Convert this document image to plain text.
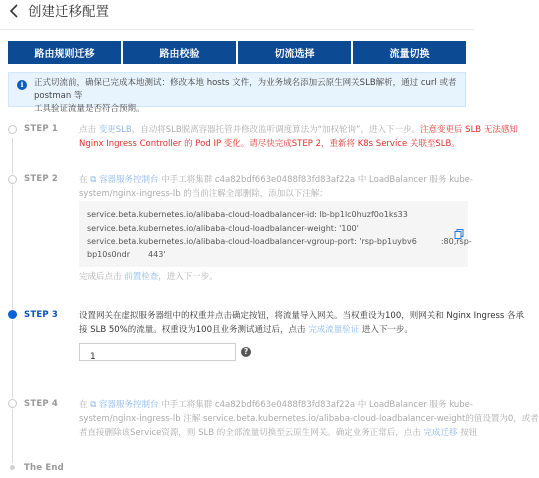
创建迁移配置
路由规则迁移	路由校验	切流选择	流量切换
i	正式切流前，确保已完成本地测试：修改本地 hosts 文件，为业务域名添加云原生网关SLB解析，通过 curl 或者 postman 等
工具验证流量是否符合预期。
STEP 1 点击 变更SLB，自动将SLB脱离容器托管并修改监听调度算法为“加权轮询”，进入下一步。注意变更后 SLB 无法感知
Nginx Ingress Controller 的 Pod IP 变化。请尽快完成STEP 2，重新将 K8s Service 关联至SLB。
STEP 2 在 ⧉ 容器服务控制台 中手工将集群 c4a82bdf663e0488f83fd83af22a 中 LoadBalancer 服务 kube-
system/nginx-ingress-lb 的当前注解全部删除，添加以下注解：
service.beta.kubernetes.io/alibaba-cloud-loadbalancer-id: lb-bp1lc0huzf0o1ks33
service.beta.kubernetes.io/alibaba-cloud-loadbalancer-weight: '100'
service.beta.kubernetes.io/alibaba-cloud-loadbalancer-vgroup-port: 'rsp-bp1uybv6	:80,rsp-
bp10s0ndr 443'
完成后点击 前置检查，进入下一步。
STEP 3 设置网关在虚拟服务器组中的权重并点击确定按钮，将流量导入网关。当权重设为100，则网关和 Nginx Ingress 各承
接 SLB 50%的流量。权重设为100且业务测试通过后，点击 完成流量验证 进入下一步。
1
?
STEP 4 在 ⧉ 容器服务控制台 中手工将集群 c4a82bdf663e0488f83fd83af22a 中 LoadBalancer 服务 kube-
system/nginx-ingress-lb 注解 service.beta.kubernetes.io/alibaba-cloud-loadbalancer-weight的值设置为0，或者
者直接删除该Service资源，则 SLB 的全部流量切换至云原生网关。确定业务正常后，点击 完成迁移 按钮
The End
